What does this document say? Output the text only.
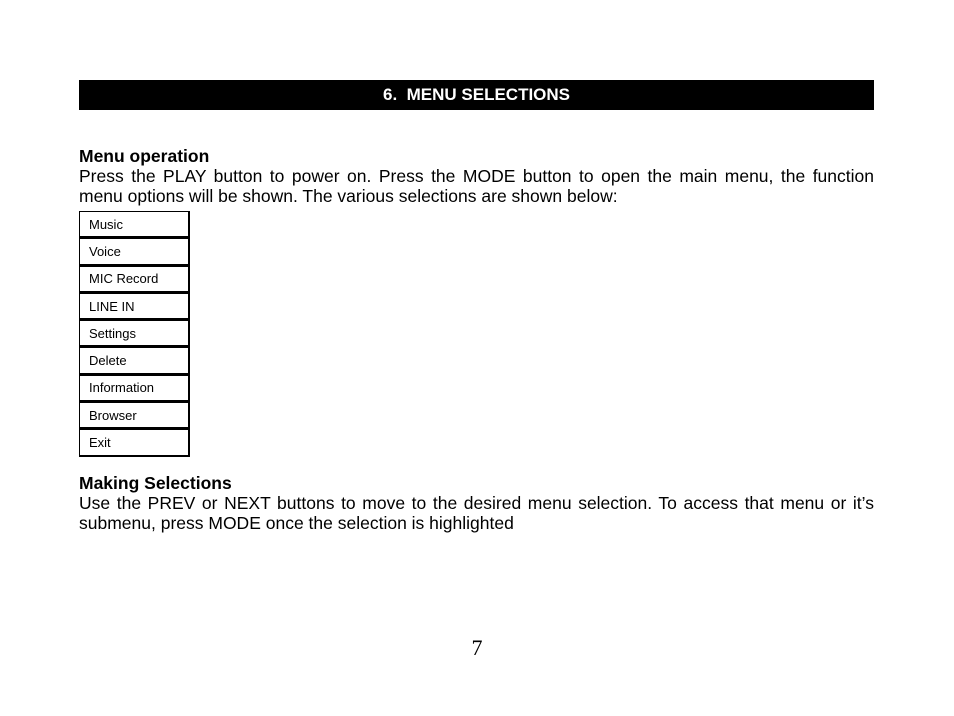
6.  MENU SELECTIONS
Menu operation

Press the PLAY button to power on. Press the MODE button to open the main menu, the function menu options will be shown. The various selections are shown below:

Music
Voice
MIC Record
LINE IN
Settings
Delete
Information
Browser
Exit
Making Selections

Use the PREV or NEXT buttons to move to the desired menu selection. To access that menu or it’s submenu, press MODE once the selection is highlighted

7
